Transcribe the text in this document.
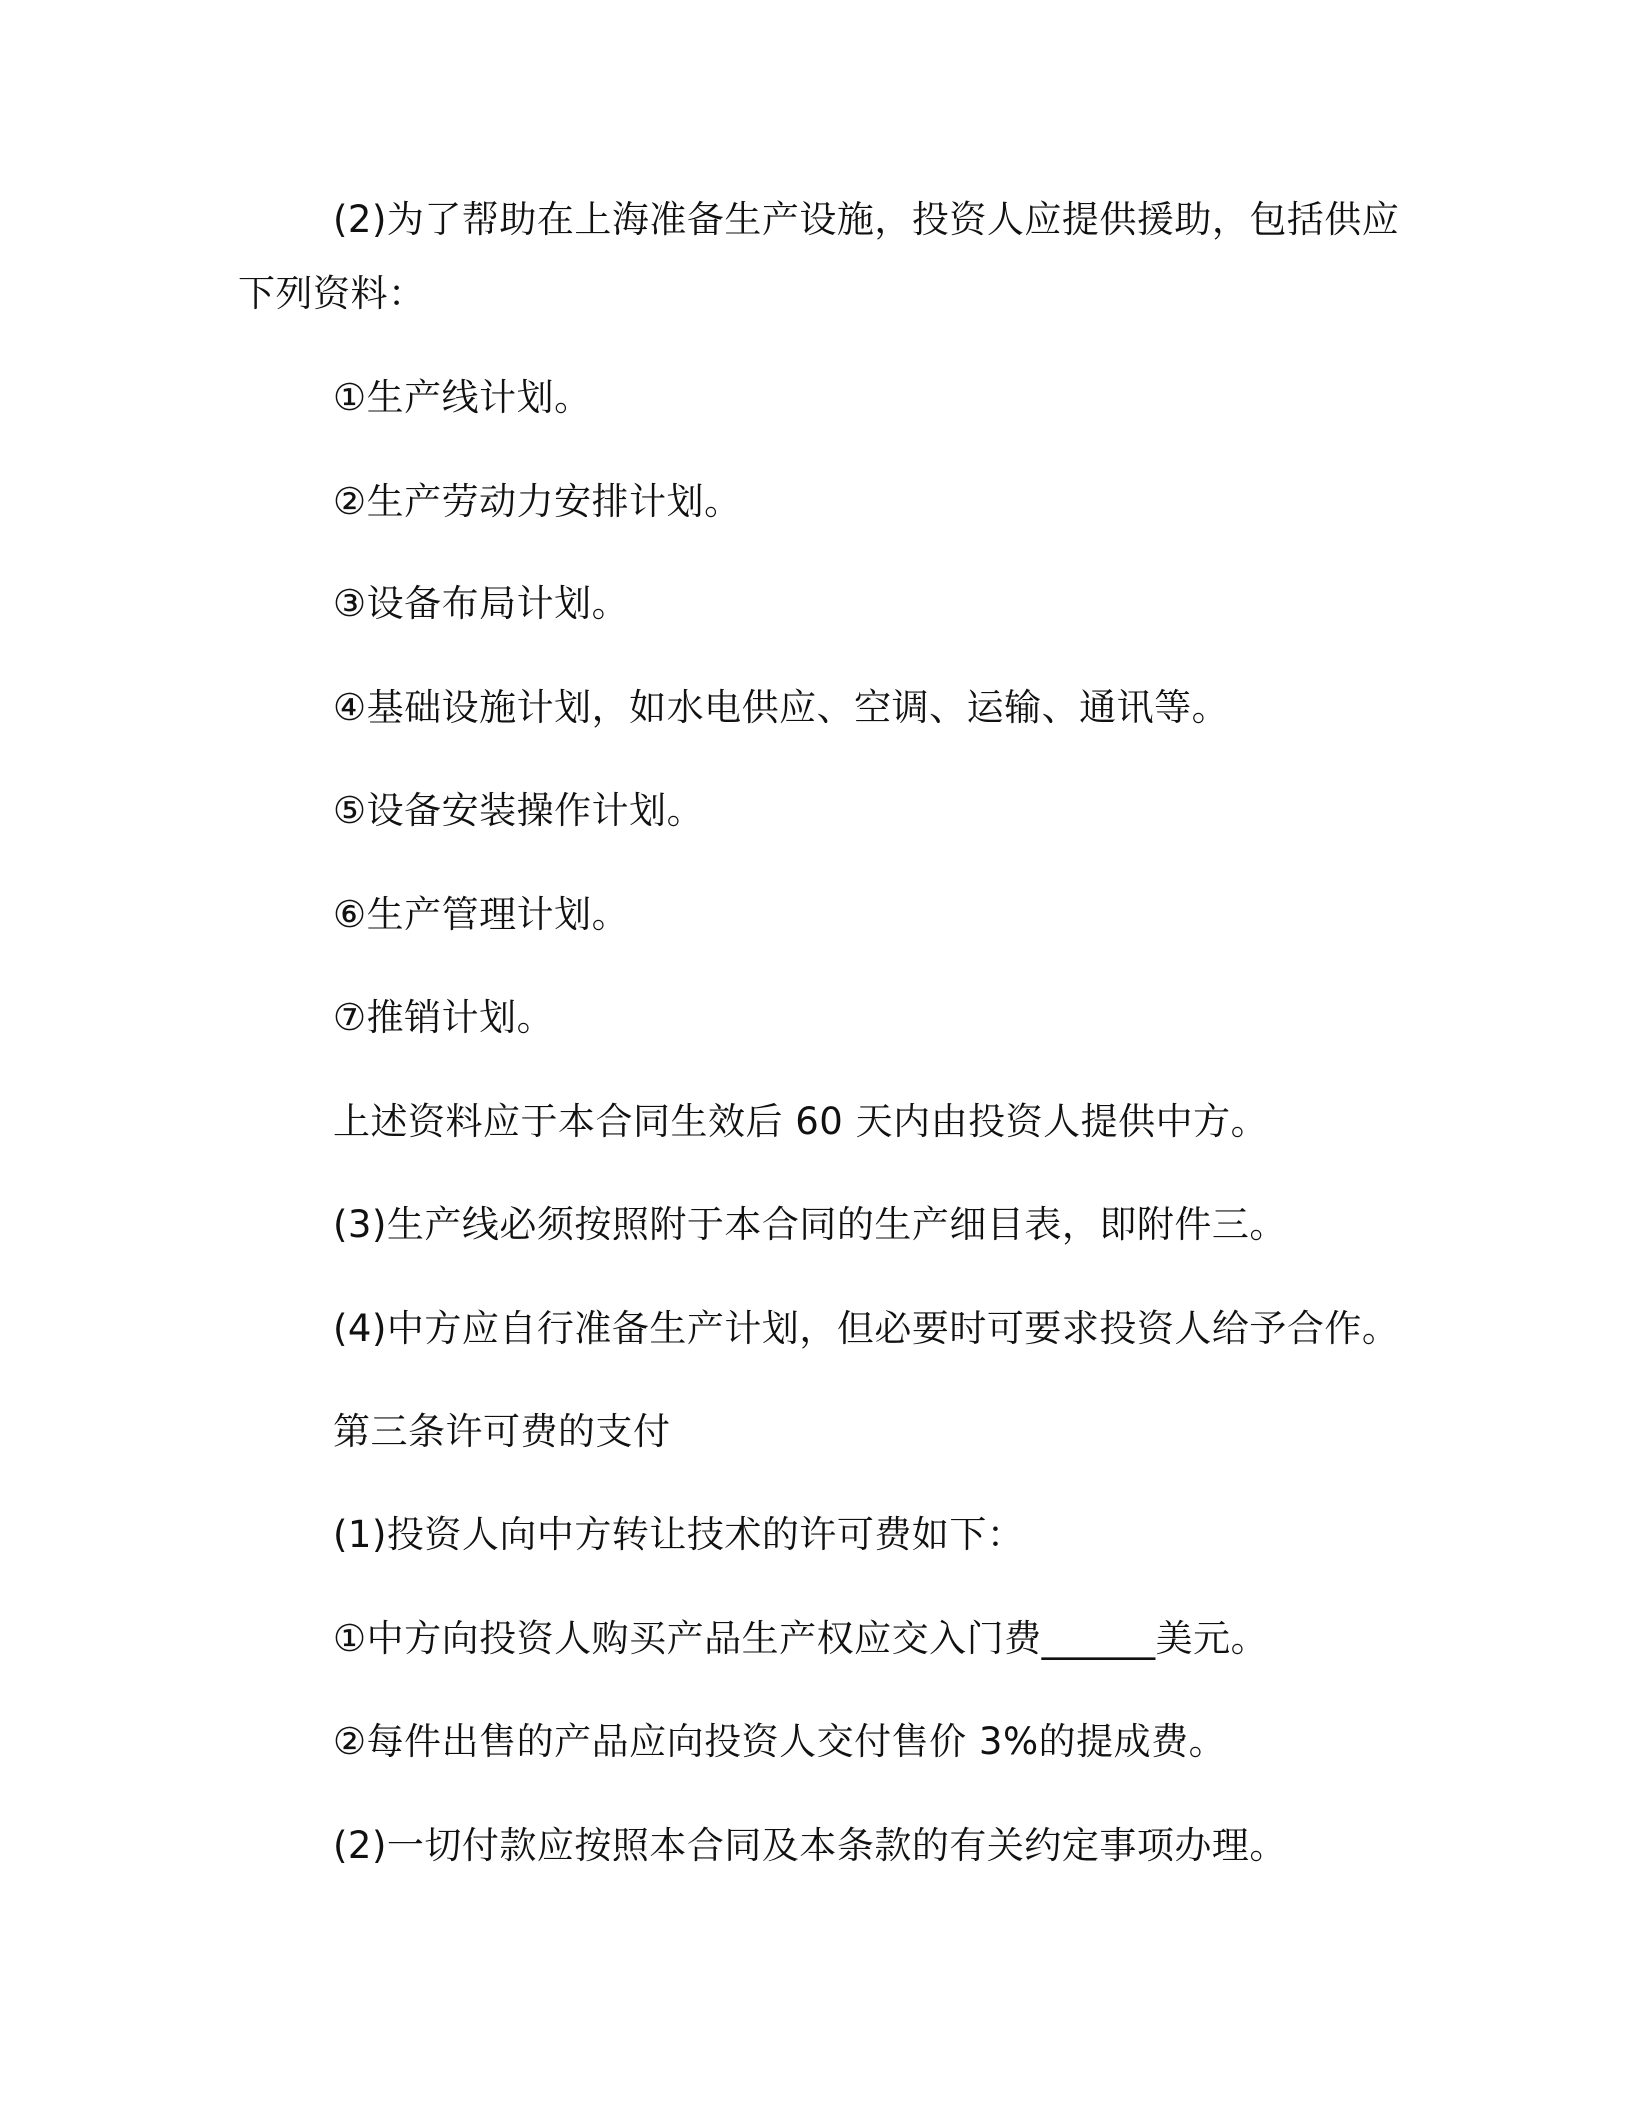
(2)为了帮助在上海准备生产设施，投资人应提供援助，包括供应
下列资料：
①生产线计划。
②生产劳动力安排计划。
③设备布局计划。
④基础设施计划，如水电供应、空调、运输、通讯等。
⑤设备安装操作计划。
⑥生产管理计划。
⑦推销计划。
上述资料应于本合同生效后 60 天内由投资人提供中方。
(3)生产线必须按照附于本合同的生产细目表，即附件三。
(4)中方应自行准备生产计划，但必要时可要求投资人给予合作。
第三条许可费的支付
(1)投资人向中方转让技术的许可费如下：
①中方向投资人购买产品生产权应交入门费______美元。
②每件出售的产品应向投资人交付售价 3%的提成费。
(2)一切付款应按照本合同及本条款的有关约定事项办理。
